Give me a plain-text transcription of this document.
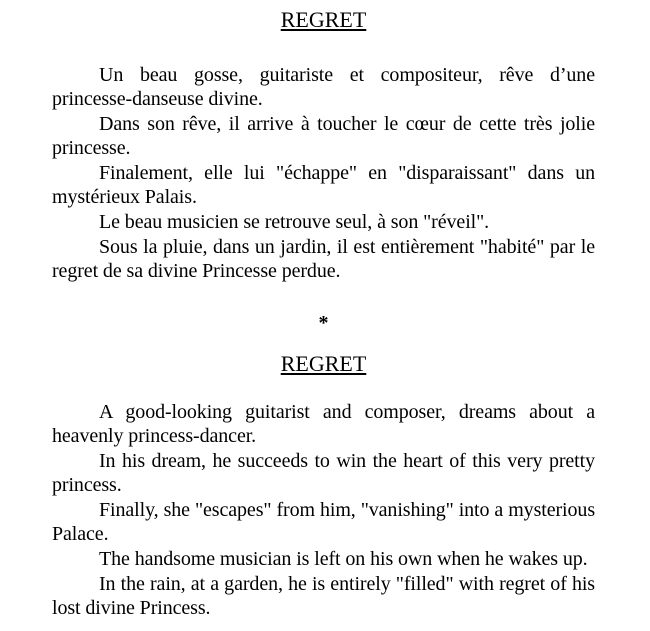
REGRET

Un beau gosse, guitariste et compositeur, rêve d’une princesse-danseuse divine.

Dans son rêve, il arrive à toucher le cœur de cette très jolie princesse.

Finalement, elle lui "échappe" en "disparaissant" dans un mystérieux Palais.

Le beau musicien se retrouve seul, à son "réveil".

Sous la pluie, dans un jardin, il est entièrement "habité" par le regret de sa divine Princesse perdue.

*
REGRET

A good-looking guitarist and composer, dreams about a heavenly princess-dancer.

In his dream, he succeeds to win the heart of this very pretty princess.

Finally, she "escapes" from him, "vanishing" into a mysterious Palace.

The handsome musician is left on his own when he wakes up.

In the rain, at a garden, he is entirely "filled" with regret of his lost divine Princess.
